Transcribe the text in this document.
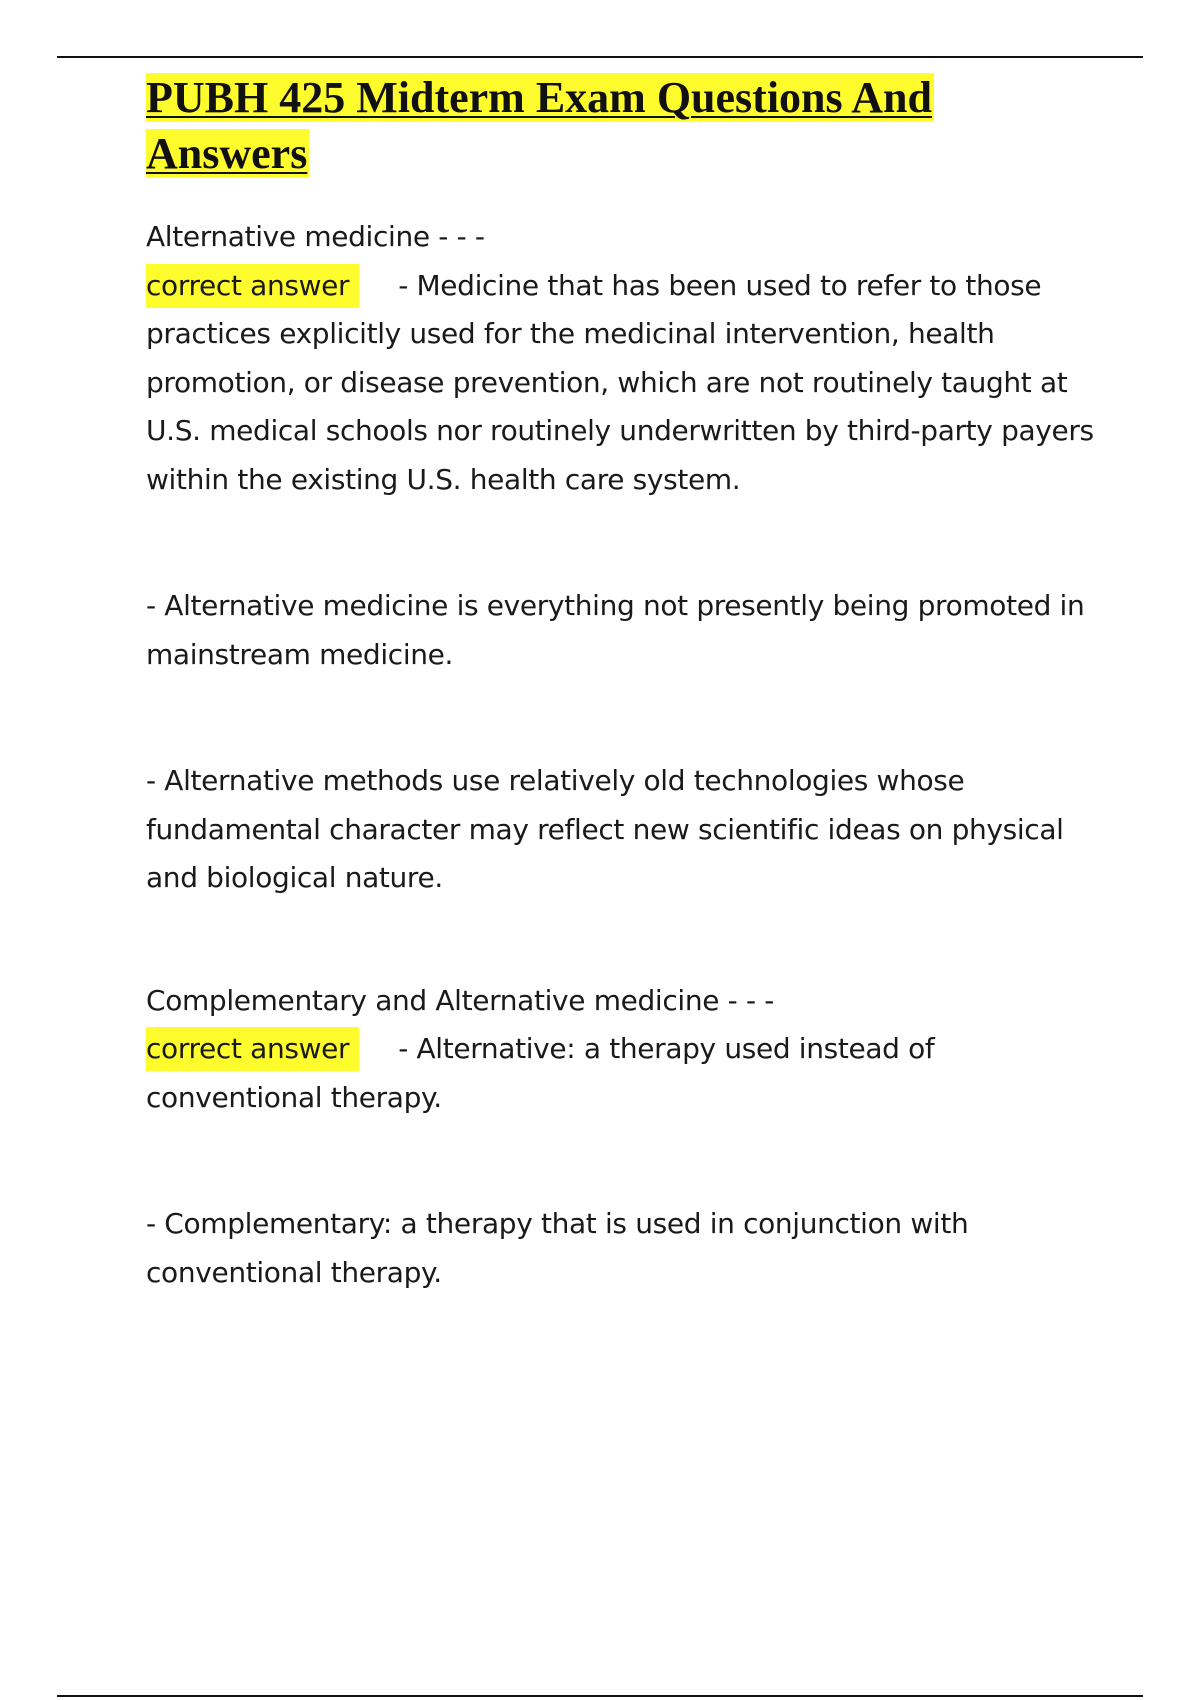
PUBH 425 Midterm Exam Questions And Answers

Alternative medicine - - -

correct answer - Medicine that has been used to refer to those practices explicitly used for the medicinal intervention, health promotion, or disease prevention, which are not routinely taught at U.S. medical schools nor routinely underwritten by third-party payers within the existing U.S. health care system.

- Alternative medicine is everything not presently being promoted in mainstream medicine.

- Alternative methods use relatively old technologies whose fundamental character may reflect new scientific ideas on physical and biological nature.

Complementary and Alternative medicine - - -

correct answer - Alternative: a therapy used instead of conventional therapy.

- Complementary: a therapy that is used in conjunction with conventional therapy.
